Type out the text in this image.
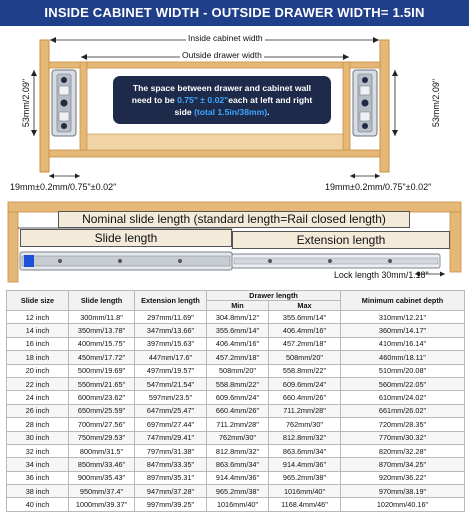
INSIDE CABINET WIDTH - OUTSIDE DRAWER WIDTH= 1.5IN
Inside cabinet width
Outside drawer width
53mm/2.09"	53mm/2.09"
The space between drawer and cabinet wall
need to be 0.75" ± 0.02"each at left and right
side (total 1.5in/38mm).
19mm±0.2mm/0.75"±0.02"	19mm±0.2mm/0.75"±0.02"
Nominal slide length (standard length=Rail closed length)
Slide length	Extension length
Lock length 30mm/1.18"
Slide size	Slide length	Extension length	Drawer length		Minimum cabinet depth
			Min	Max	
12 inch	300mm/11.8"	297mm/11.69"	304.8mm/12"	355.6mm/14"	310mm/12.21"
14 inch	350mm/13.78"	347mm/13.66"	355.6mm/14"	406.4mm/16"	360mm/14.17"
16 inch	400mm/15.75"	397mm/15.63"	406.4mm/16"	457.2mm/18"	410mm/16.14"
18 inch	450mm/17.72"	447mm/17.6"	457.2mm/18"	508mm/20"	460mm/18.11"
20 inch	500mm/19.69"	497mm/19.57"	508mm/20"	558.8mm/22"	510mm/20.08"
22 inch	550mm/21.65"	547mm/21.54"	558.8mm/22"	609.6mm/24"	560mm/22.05"
24 inch	600mm/23.62"	597mm/23.5"	609.6mm/24"	660.4mm/26"	610mm/24.02"
26 inch	650mm/25.59"	647mm/25.47"	660.4mm/26"	711.2mm/28"	661mm/26.02"
28 inch	700mm/27.56"	697mm/27.44"	711.2mm/28"	762mm/30"	720mm/28.35"
30 inch	750mm/29.53"	747mm/29.41"	762mm/30"	812.8mm/32"	770mm/30.32"
32 inch	800mm/31.5"	797mm/31.38"	812.8mm/32"	863.6mm/34"	820mm/32.28"
34 inch	850mm/33.46"	847mm/33.35"	863.6mm/34"	914.4mm/36"	870mm/34.25"
36 inch	900mm/35.43"	897mm/35.31"	914.4mm/36"	965.2mm/38"	920mm/36.22"
38 inch	950mm/37.4"	947mm/37.28"	965.2mm/38"	1016mm/40"	970mm/38.19"
40 inch	1000mm/39.37"	997mm/39.25"	1016mm/40"	1168.4mm/46"	1020mm/40.16"
